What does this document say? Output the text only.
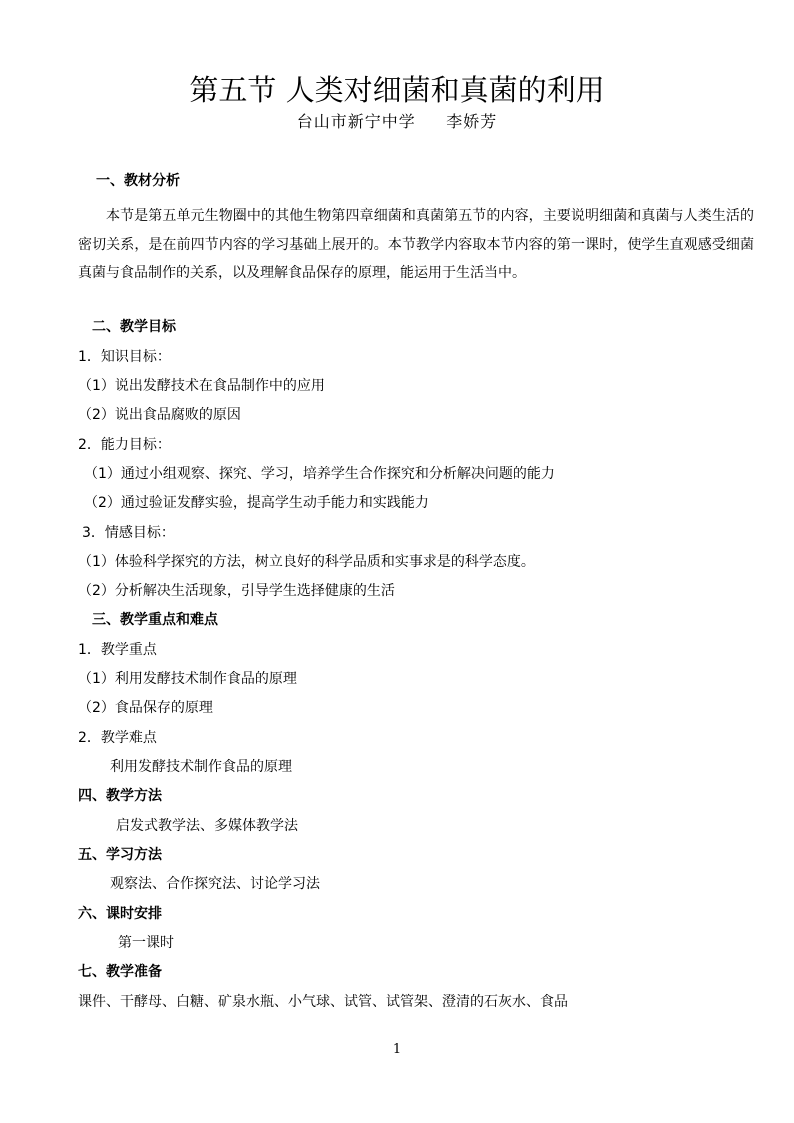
第五节 人类对细菌和真菌的利用
台山市新宁中学     李娇芳
一、教材分析
本节是第五单元生物圈中的其他生物第四章细菌和真菌第五节的内容，主要说明细菌和真菌与人类生活的密切关系，是在前四节内容的学习基础上展开的。本节教学内容取本节内容的第一课时，使学生直观感受细菌真菌与食品制作的关系，以及理解食品保存的原理，能运用于生活当中。
二、教学目标
1．知识目标：
（1）说出发酵技术在食品制作中的应用
（2）说出食品腐败的原因
2．能力目标：
（1）通过小组观察、探究、学习，培养学生合作探究和分析解决问题的能力
（2）通过验证发酵实验，提高学生动手能力和实践能力
3．情感目标：
（1）体验科学探究的方法，树立良好的科学品质和实事求是的科学态度。
（2）分析解决生活现象，引导学生选择健康的生活
三、教学重点和难点
1．教学重点
（1）利用发酵技术制作食品的原理
（2）食品保存的原理
2．教学难点
利用发酵技术制作食品的原理
四、教学方法
启发式教学法、多媒体教学法
五、学习方法
观察法、合作探究法、讨论学习法
六、课时安排
第一课时
七、教学准备
课件、干酵母、白糖、矿泉水瓶、小气球、试管、试管架、澄清的石灰水、食品
1
